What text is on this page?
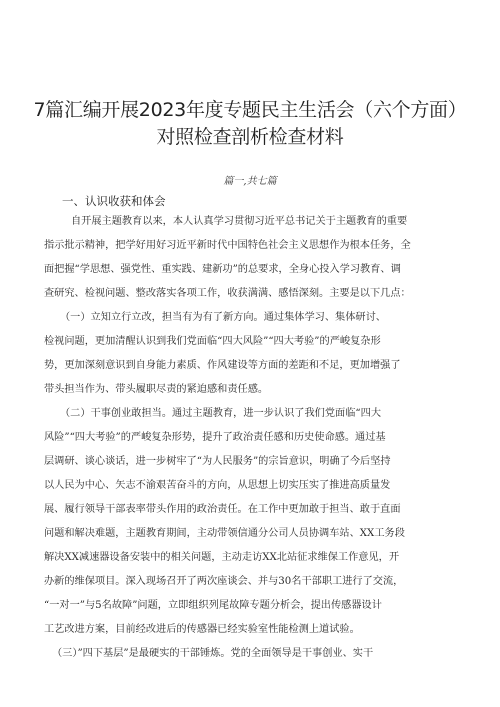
7篇汇编开展2023年度专题民主生活会（六个方面）
对照检查剖析检查材料
篇一,共七篇
一、认识收获和体会
自开展主题教育以来，本人认真学习贯彻习近平总书记关于主题教育的重要
指示批示精神，把学好用好习近平新时代中国特色社会主义思想作为根本任务，全
面把握“学思想、强党性、重实践、建新功”的总要求，全身心投入学习教育、调
查研究、检视问题、整改落实各项工作，收获满满、感悟深刻。主要是以下几点：
（一）立知立行立改，担当有为有了新方向。通过集体学习、集体研讨、
检视问题，更加清醒认识到我们党面临“四大风险”“四大考验”的严峻复杂形
势，更加深刻意识到自身能力素质、作风建设等方面的差距和不足，更加增强了
带头担当作为、带头履职尽责的紧迫感和责任感。
（二）干事创业敢担当。通过主题教育，进一步认识了我们党面临“四大
风险”“四大考验”的严峻复杂形势，提升了政治责任感和历史使命感。通过基
层调研、谈心谈话，进一步树牢了“为人民服务”的宗旨意识，明确了今后坚持
以人民为中心、矢志不渝艰苦奋斗的方向，从思想上切实压实了推进高质量发
展、履行领导干部表率带头作用的政治责任。在工作中更加敢于担当、敢于直面
问题和解决难题，主题教育期间，主动带领信通分公司人员协调车站、XX工务段
解决XX减速器设备安装中的相关问题，主动走访XX北站征求维保工作意见，开
办新的维保项目。深入现场召开了两次座谈会、并与30名干部职工进行了交流，
“一对一”与5名故障”问题，立即组织列尾故障专题分析会，提出传感器设计
工艺改进方案，目前经改进后的传感器已经实验室性能检测上道试验。
（三）”四下基层”是最硬实的干部锤炼。党的全面领导是干事创业、实干
